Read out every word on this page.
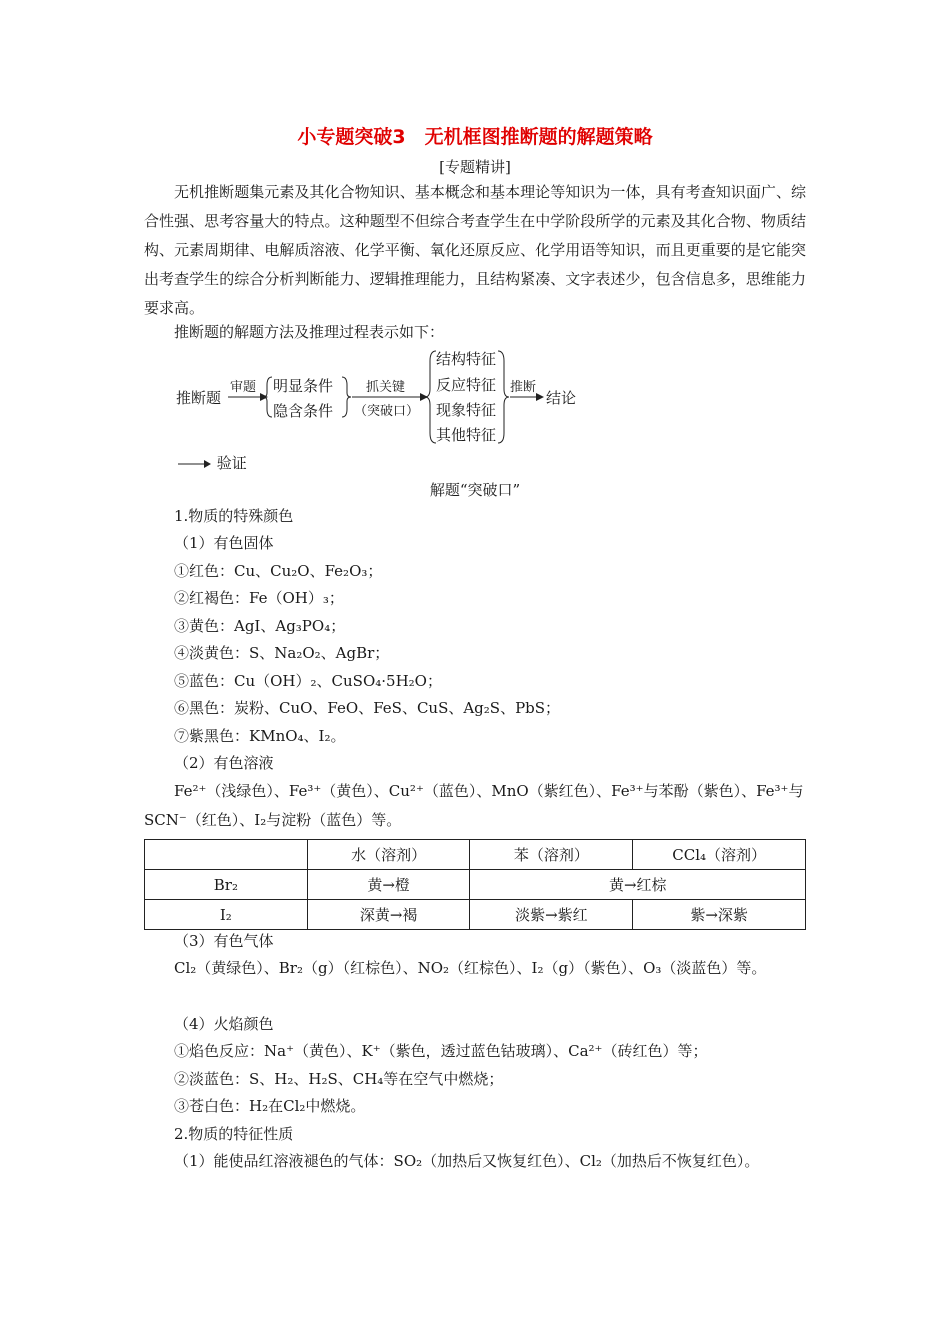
小专题突破3　无机框图推断题的解题策略
[专题精讲]

无机推断题集元素及其化合物知识、基本概念和基本理论等知识为一体，具有考查知识面广、综合性强、思考容量大的特点。这种题型不但综合考查学生在中学阶段所学的元素及其化合物、物质结构、元素周期律、电解质溶液、化学平衡、氧化还原反应、化学用语等知识，而且更重要的是它能突出考查学生的综合分析判断能力、逻辑推理能力，且结构紧凑、文字表述少，包含信息多，思维能力要求高。

推断题的解题方法及推理过程表示如下：
推断题
审题 明显条件
隐含条件
抓关键
（突破口）
结构特征
反应特征
现象特征
其他特征
推断
结论
验证
解题“突破口”
1.物质的特殊颜色
（1）有色固体
①红色：Cu、Cu₂O、Fe₂O₃；
②红褐色：Fe（OH）₃；
③黄色：AgI、Ag₃PO₄；
④淡黄色：S、Na₂O₂、AgBr；
⑤蓝色：Cu（OH）₂、CuSO₄·5H₂O；
⑥黑色：炭粉、CuO、FeO、FeS、CuS、Ag₂S、PbS；
⑦紫黑色：KMnO₄、I₂。
（2）有色溶液
Fe²⁺（浅绿色）、Fe³⁺（黄色）、Cu²⁺（蓝色）、MnO（紫红色）、Fe³⁺与苯酚（紫色）、Fe³⁺与SCN⁻（红色）、I₂与淀粉（蓝色）等。
	水（溶剂）	苯（溶剂）	CCl₄（溶剂）
Br₂	黄→橙	黄→红棕	
I₂	深黄→褐	淡紫→紫红	紫→深紫
（3）有色气体
Cl₂（黄绿色）、Br₂（g）（红棕色）、NO₂（红棕色）、I₂（g）（紫色）、O₃（淡蓝色）等。
（4）火焰颜色
①焰色反应：Na⁺（黄色）、K⁺（紫色，透过蓝色钴玻璃）、Ca²⁺（砖红色）等；
②淡蓝色：S、H₂、H₂S、CH₄等在空气中燃烧；
③苍白色：H₂在Cl₂中燃烧。
2.物质的特征性质
（1）能使品红溶液褪色的气体：SO₂（加热后又恢复红色）、Cl₂（加热后不恢复红色）。
